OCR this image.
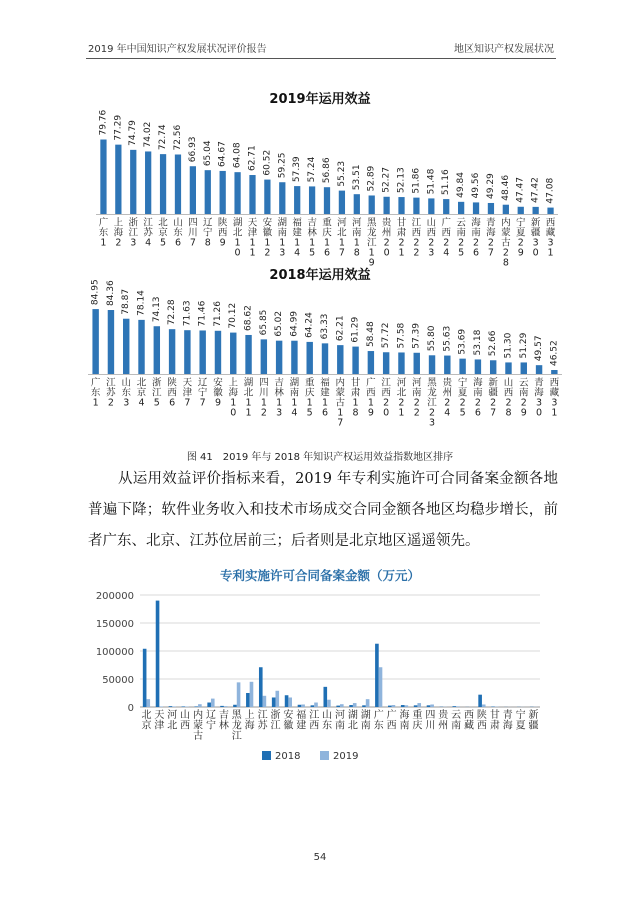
2019 年中国知识产权发展状况评价报告	地区知识产权发展状况
2019年运用效益
2018年运用效益
79.76
广东 1
77.29
上海 2
74.79
浙江 3
74.02
江苏 4
72.74
北京 5
72.56
山东 6
66.93
四川 7
65.04
辽宁 8
64.67
陕西 9
64.08
湖北 1 0
62.71
天津 1 1
60.52
安徽 1 2
59.25
湖南 1 3
57.39
福建 1 4
57.24
吉林 1 5
56.86
重庆 1 6
55.23
河北 1 7
53.51
河南 1 8
52.89
黑龙江 1 9
52.27
贵州 2 0
52.13
甘肃 2 1
51.86
江西 2 2
51.48
山西 2 3
51.16
广西 2 4
49.84
云南 2 5
49.56
海南 2 6
49.29
青海 2 7
48.46
内蒙古 2 8
47.47
宁夏 2 9
47.42
新疆 3 0
47.08
西藏 3 1
84.95
广东 1
84.36
江苏 2
78.87
山东 3
78.14
北京 4
74.13
浙江 5
72.28
陕西 6
71.63
天津 7
71.46
辽宁 7
71.26
安徽 9
70.12
上海 1 0
68.62
湖北 1 1
65.85
四川 1 2
65.02
吉林 1 3
64.99
湖南 1 4
64.24
重庆 1 5
63.33
福建 1 6
62.21
内蒙古 1 7
61.29
甘肃 1 8
58.48
广西 1 9
57.72
江西 2 0
57.58
河北 2 1
57.39
河南 2 2
55.80
黑龙江 2 3
55.63
贵州 2 4
53.69
宁夏 2 5
53.18
海南 2 6
52.66
新疆 2 7
51.30
山西 2 8
51.29
云南 2 9
49.57
青海 3 0
46.52
西藏 3 1
图 41　2019 年与 2018 年知识产权运用效益指数地区排序

从运用效益评价指标来看，2019 年专利实施许可合同备案金额各地普遍下降；软件业务收入和技术市场成交合同金额各地区均稳步增长，前者广东、北京、江苏位居前三；后者则是北京地区遥遥领先。

专利实施许可合同备案金额（万元）
0
50000
100000
150000
200000
北京
天津
河北
山西
内蒙古
辽宁
吉林
黑龙江
上海
江苏
浙江
安徽
福建
江西
山东
河南
湖北
湖南
广东
广西
海南
重庆
四川
贵州
云南
西藏
陕西
甘肃
青海
宁夏
新疆
2018	2019
54
